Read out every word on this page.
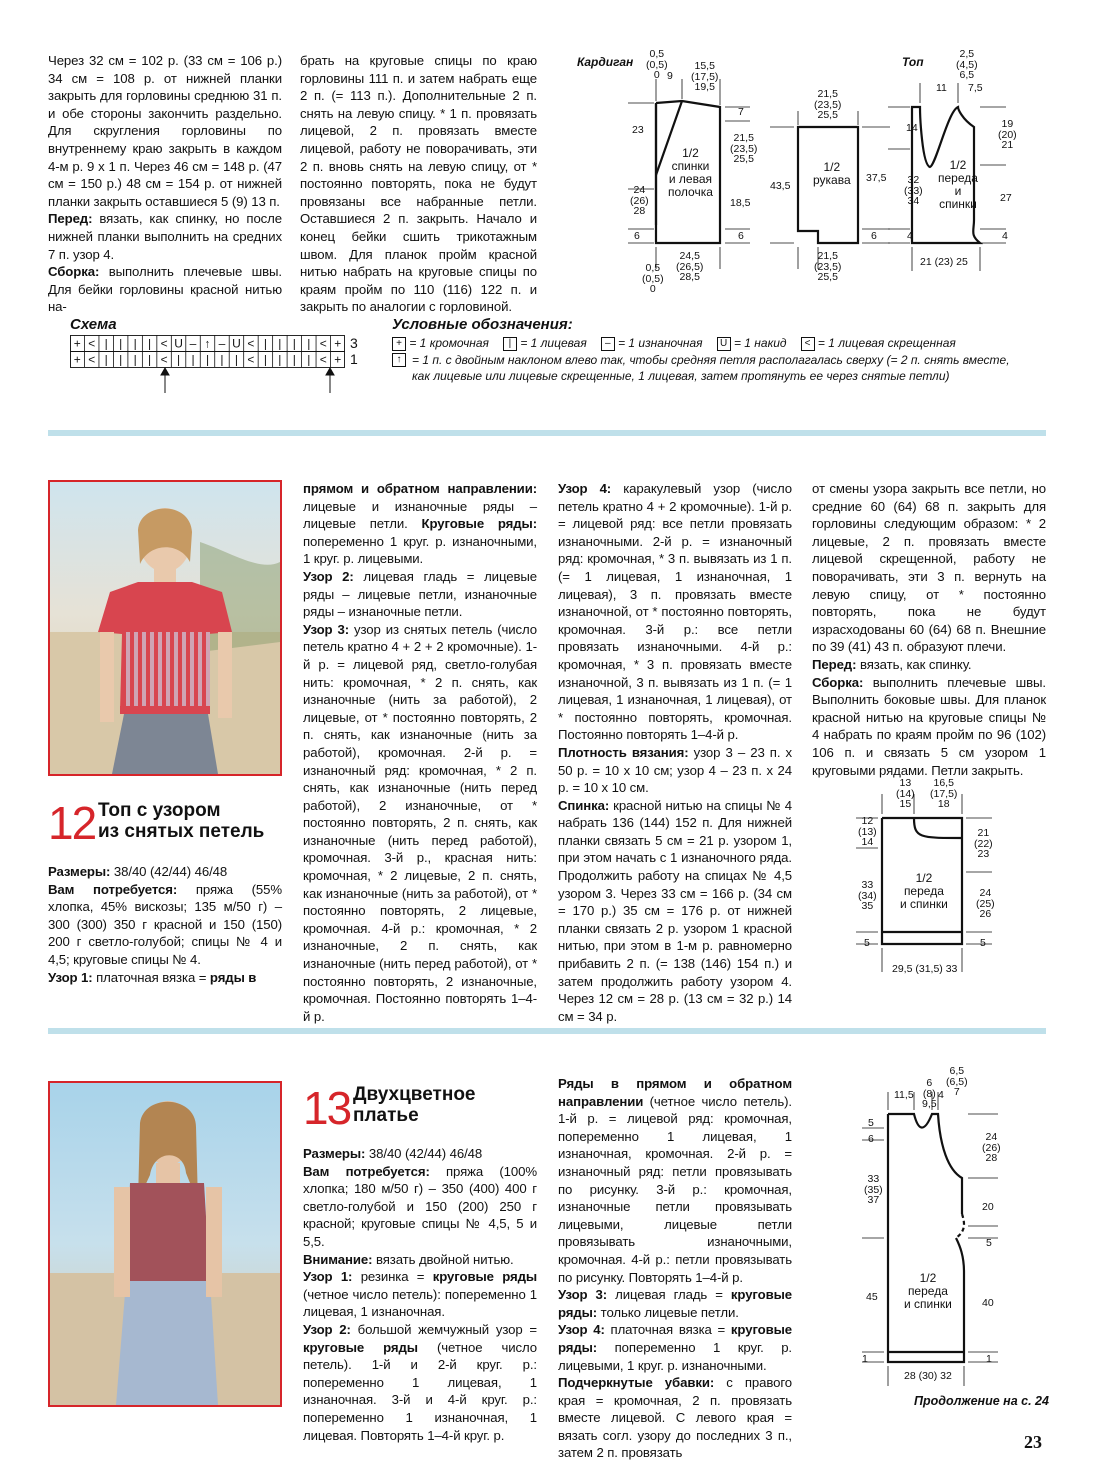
Через 32 см = 102 р. (33 см = 106 р.) 34 см = 108 р. от нижней планки закрыть для горловины среднюю 31 п. и обе стороны закончить раздельно. Для скругления горловины по внутреннему краю закрыть в каждом 4-м р. 9 х 1 п. Через 46 см = 148 р. (47 см = 150 р.) 48 см = 154 р. от нижней планки закрыть оставшиеся 5 (9) 13 п.
Перед: вязать, как спинку, но после нижней планки выполнить на средних 7 п. узор 4.
Сборка: выполнить плечевые швы. Для бейки горловины красной нитью на-

брать на круговые спицы по краю горловины 111 п. и затем набрать еще 2 п. (= 113 п.). Дополнительные 2 п. снять на левую спицу. * 1 п. провязать лицевой, 2 п. провязать вместе лицевой, работу не поворачивать, эти 2 п. вновь снять на левую спицу, от * постоянно повторять, пока не будут провязаны все набранные петли. Оставшиеся 2 п. закрыть. Начало и конец бейки сшить трикотажным швом. Для планок пройм красной нитью набрать на круговые спицы по краям пройм по 110 (116) 122 п. и закрыть по аналогии с горловиной.

Кардиган
0,5
(0,5)
0 9
15,5
(17,5)
19,5
23
7
21,5
(23,5)
25,5
1/2
спинки
и левая
полочка
24
(26)
28
18,5
6	6
24,5
(26,5)
28,5
0,5
(0,5)
0
21,5
(23,5)
25,5
1/2
рукава
43,5
37,5
6
21,5
(23,5)
25,5
Топ
2,5
(4,5)
6,5
11 7,5
14	19
(20)
21
1/2
переда
и
спинки
32
(33)
34	27
4	4
21 (23) 25
Схема
+ < | | | | < U – ↑ – U < | | | | < +
+ < | | | | < | | | | | < | | | | < +
3
1
Условные обозначения:
+ = 1 кромочная	| = 1 лицевая	– = 1 изнаночная	U = 1 накид	< = 1 лицевая скрещенная
↑ = 1 п. с двойным наклоном влево так, чтобы средняя петля располагалась сверху (= 2 п. снять вместе,
как лицевые или лицевые скрещенные, 1 лицевая, затем протянуть ее через снятые петли)
12 Топ с узором
из снятых петель

Размеры: 38/40 (42/44) 46/48
Вам потребуется: пряжа (55% хлопка, 45% вискозы; 135 м/50 г) – 300 (300) 350 г красной и 150 (150) 200 г светло-голубой; спицы № 4 и 4,5; круговые спицы № 4.
Узор 1: платочная вязка = ряды в

прямом и обратном направлении: лицевые и изнаночные ряды – лицевые петли. Круговые ряды: попеременно 1 круг. р. изнаночными, 1 круг. р. лицевыми.
Узор 2: лицевая гладь = лицевые ряды – лицевые петли, изнаночные ряды – изнаночные петли.
Узор 3: узор из снятых петель (число петель кратно 4 + 2 + 2 кромочные). 1-й р. = лицевой ряд, светло-голубая нить: кромочная, * 2 п. снять, как изнаночные (нить за работой), 2 лицевые, от * постоянно повторять, 2 п. снять, как изнаночные (нить за работой), кромочная. 2-й р. = изнаночный ряд: кромочная, * 2 п. снять, как изнаночные (нить перед работой), 2 изнаночные, от * постоянно повторять, 2 п. снять, как изнаночные (нить перед работой), кромочная. 3-й р., красная нить: кромочная, * 2 лицевые, 2 п. снять, как изнаночные (нить за работой), от * постоянно повторять, 2 лицевые, кромочная. 4-й р.: кромочная, * 2 изнаночные, 2 п. снять, как изнаночные (нить перед работой), от * постоянно повторять, 2 изнаночные, кромочная. Постоянно повторять 1–4-й р.

Узор 4: каракулевый узор (число петель кратно 4 + 2 кромочные). 1-й р. = лицевой ряд: все петли провязать изнаночными. 2-й р. = изнаночный ряд: кромочная, * 3 п. вывязать из 1 п. (= 1 лицевая, 1 изнаночная, 1 лицевая), 3 п. провязать вместе изнаночной, от * постоянно повторять, кромочная. 3-й р.: все петли провязать изнаночными. 4-й р.: кромочная, * 3 п. провязать вместе изнаночной, 3 п. вывязать из 1 п. (= 1 лицевая, 1 изнаночная, 1 лицевая), от * постоянно повторять, кромочная. Постоянно повторять 1–4-й р.
Плотность вязания: узор 3 – 23 п. х 50 р. = 10 х 10 см; узор 4 – 23 п. х 24 р. = 10 х 10 см.
Спинка: красной нитью на спицы № 4 набрать 136 (144) 152 п. Для нижней планки связать 5 см = 21 р. узором 1, при этом начать с 1 изнаночного ряда. Продолжить работу на спицах № 4,5 узором 3. Через 33 см = 166 р. (34 см = 170 р.) 35 см = 176 р. от нижней планки связать 2 р. узором 1 красной нитью, при этом в 1-м р. равномерно прибавить 2 п. (= 138 (146) 154 п.) и затем продолжить работу узором 4. Через 12 см = 28 р. (13 см = 32 р.) 14 см = 34 р.

от смены узора закрыть все петли, но средние 60 (64) 68 п. закрыть для горловины следующим образом: * 2 лицевые, 2 п. провязать вместе лицевой скрещенной, работу не поворачивать, эти 3 п. вернуть на левую спицу, от * постоянно повторять, пока не будут израсходованы 60 (64) 68 п. Внешние по 39 (41) 43 п. образуют плечи.
Перед: вязать, как спинку.
Сборка: выполнить плечевые швы. Выполнить боковые швы. Для планок красной нитью на круговые спицы № 4 набрать по краям пройм по 96 (102) 106 п. и связать 5 см узором 1 круговыми рядами. Петли закрыть.

13
(14)
15
16,5
(17,5)
18
12
(13)
14
21
(22)
23
33
(34)
35
1/2
переда
и спинки
24
(25)
26
5	5
29,5 (31,5) 33
13 Двухцветное
платье

Размеры: 38/40 (42/44) 46/48
Вам потребуется: пряжа (100% хлопка; 180 м/50 г) – 350 (400) 400 г светло-голубой и 150 (200) 250 г красной; круговые спицы № 4,5, 5 и 5,5.
Внимание: вязать двойной нитью.
Узор 1: резинка = круговые ряды (четное число петель): попеременно 1 лицевая, 1 изнаночная.
Узор 2: большой жемчужный узор = круговые ряды (четное число петель). 1-й и 2-й круг. р.: попеременно 1 лицевая, 1 изнаночная. 3-й и 4-й круг. р.: попеременно 1 изнаночная, 1 лицевая. Повторять 1–4-й круг. р.

Ряды в прямом и обратном направлении (четное число петель). 1-й р. = лицевой ряд: кромочная, попеременно 1 лицевая, 1 изнаночная, кромочная. 2-й р. = изнаночный ряд: петли провязывать по рисунку. 3-й р.: кромочная, изнаночные петли провязывать лицевыми, лицевые петли провязывать изнаночными, кромочная. 4-й р.: петли провязывать по рисунку. Повторять 1–4-й р.
Узор 3: лицевая гладь = круговые ряды: только лицевые петли.
Узор 4: платочная вязка = круговые ряды: попеременно 1 круг. р. лицевыми, 1 круг. р. изнаночными.
Подчеркнутые убавки: с правого края = кромочная, 2 п. провязать вместе лицевой. С левого края = вязать согл. узору до последних 3 п., затем 2 п. провязать

6,5
(6,5)
7
11,5
6
(8)
9,5
4
5
6	24
(26)
28
33
(35)
37
20
5
1/2
переда
и спинки
45	40
1	1
28 (30) 32
Продолжение на с. 24
23
